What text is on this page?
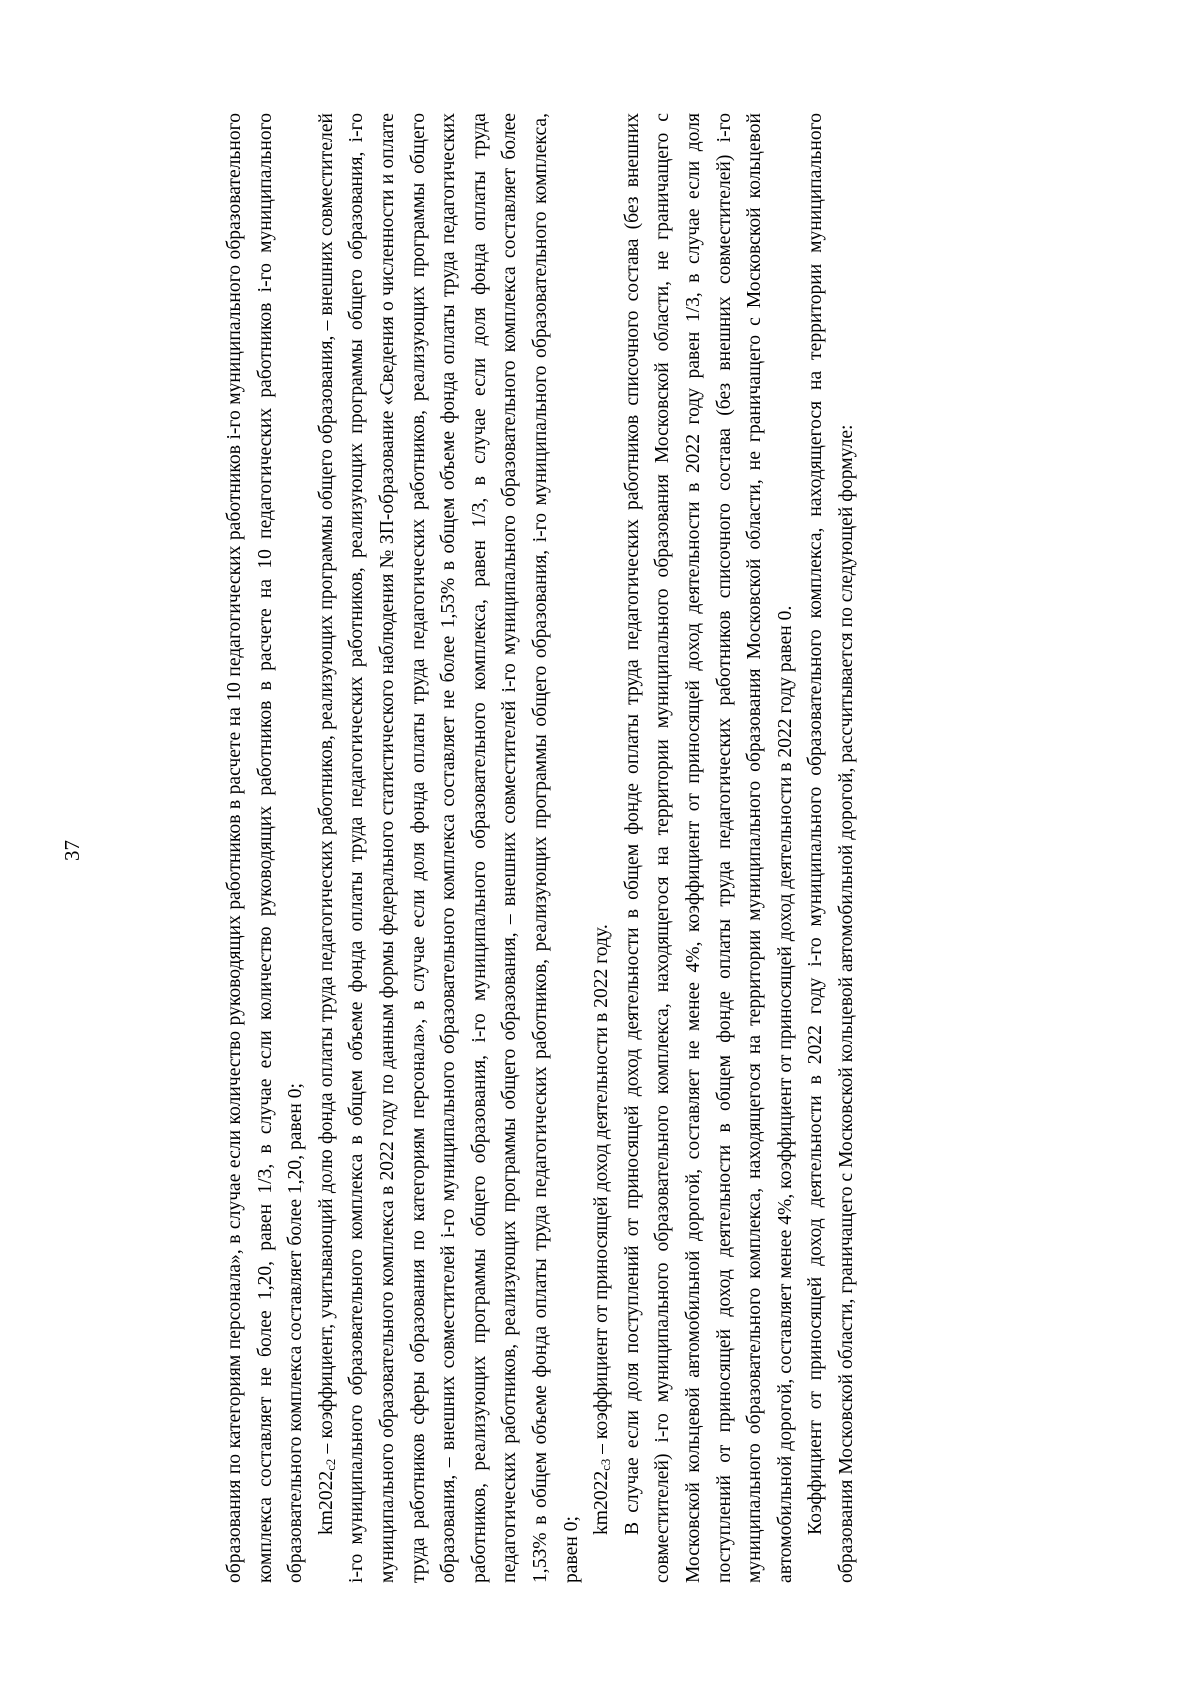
37	образования по категориям персонала», в случае если количество руководящих работников в расчете на 10 педагогических работников i-го муниципального образовательного комплекса составляет не более 1,20, равен 1/3, в случае если количество руководящих работников в расчете на 10 педагогических работников i-го муниципального образовательного комплекса составляет более 1,20, равен 0; $km2022_{c2}$ – коэффициент, учитывающий долю фонда оплаты труда педагогических работников, реализующих программы общего образования, – внешних совместителей i-го муниципального образовательного комплекса в общем объеме фонда оплаты труда педагогических работников, реализующих программы общего образования, i-го муниципального образовательного комплекса в 2022 году по данным формы федерального статистического наблюдения № ЗП-образование «Сведения о численности и оплате труда работников сферы образования по категориям персонала», в случае если доля фонда оплаты труда педагогических работников, реализующих программы общего образования, – внешних совместителей i-го муниципального образовательного комплекса составляет не более 1,53% в общем объеме фонда оплаты труда педагогических работников, реализующих программы общего образования, i-го муниципального образовательного комплекса, равен 1/3, в случае если доля фонда оплаты труда педагогических работников, реализующих программы общего образования, – внешних совместителей i-го муниципального образовательного комплекса составляет более 1,53% в общем объеме фонда оплаты труда педагогических работников, реализующих программы общего образования, i-го муниципального образовательного комплекса, равен 0;

$km2022_{c3}$ – коэффициент от приносящей доход деятельности в 2022 году. В случае если доля поступлений от приносящей доход деятельности в общем фонде оплаты труда педагогических работников списочного состава (без внешних совместителей) i-го муниципального образовательного комплекса, находящегося на территории муниципального образования Московской области, не граничащего с Московской кольцевой автомобильной дорогой, составляет не менее 4%, коэффициент от приносящей доход деятельности в 2022 году равен 1/3, в случае если доля поступлений от приносящей доход деятельности в общем фонде оплаты труда педагогических работников списочного состава (без внешних совместителей) i-го муниципального образовательного комплекса, находящегося на территории муниципального образования Московской области, не граничащего с Московской кольцевой автомобильной дорогой, составляет менее 4%, коэффициент от приносящей доход деятельности в 2022 году равен 0. Коэффициент от приносящей доход деятельности в 2022 году i-го муниципального образовательного комплекса, находящегося на территории муниципального образования Московской области, граничащего с Московской кольцевой автомобильной дорогой, рассчитывается по следующей формуле:
